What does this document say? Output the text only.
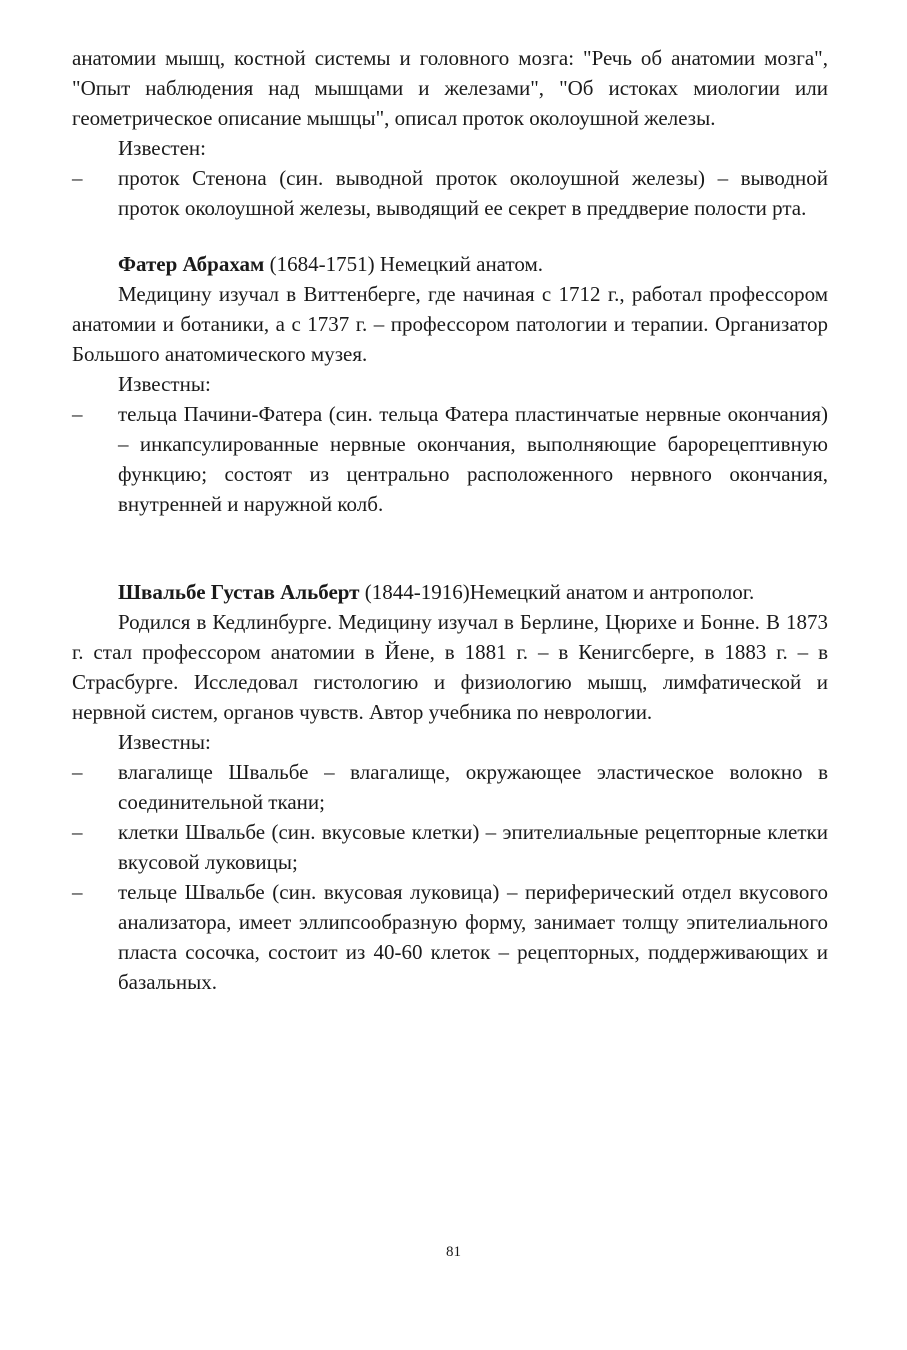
анатомии мышц, костной системы и головного мозга: "Речь об анатомии мозга", "Опыт наблюдения над мышцами и железами", "Об истоках миологии или геометрическое описание мышцы", описал проток околоушной железы.

Известен:

– проток Стенона (син. выводной проток околоушной железы) – выводной проток околоушной железы, выводящий ее секрет в преддверие полости рта.

Фатер Абрахам (1684-1751) Немецкий анатом.

Медицину изучал в Виттенберге, где начиная с 1712 г., работал профессором анатомии и ботаники, а с 1737 г. – профессором патологии и терапии. Организатор Большого анатомического музея.

Известны:

– тельца Пачини-Фатера (син. тельца Фатера пластинчатые нервные окончания) – инкапсулированные нервные окончания, выполняющие барорецептивную функцию; состоят из центрально расположенного нервного окончания, внутренней и наружной колб.

Швальбе Густав Альберт (1844-1916)Немецкий анатом и антрополог.

Родился в Кедлинбурге. Медицину изучал в Берлине, Цюрихе и Бонне. В 1873 г. стал профессором анатомии в Йене, в 1881 г. – в Кенигсберге, в 1883 г. – в Страсбурге. Исследовал гистологию и физиологию мышц, лимфатической и нервной систем, органов чувств. Автор учебника по неврологии.

Известны:

– влагалище Швальбе – влагалище, окружающее эластическое волокно в соединительной ткани;
– клетки Швальбе (син. вкусовые клетки) – эпителиальные рецепторные клетки вкусовой луковицы;
– тельце Швальбе (син. вкусовая луковица) – периферический отдел вкусового анализатора, имеет эллипсообразную форму, занимает толщу эпителиального пласта сосочка, состоит из 40-60 клеток – рецепторных, поддерживающих и базальных.
81
